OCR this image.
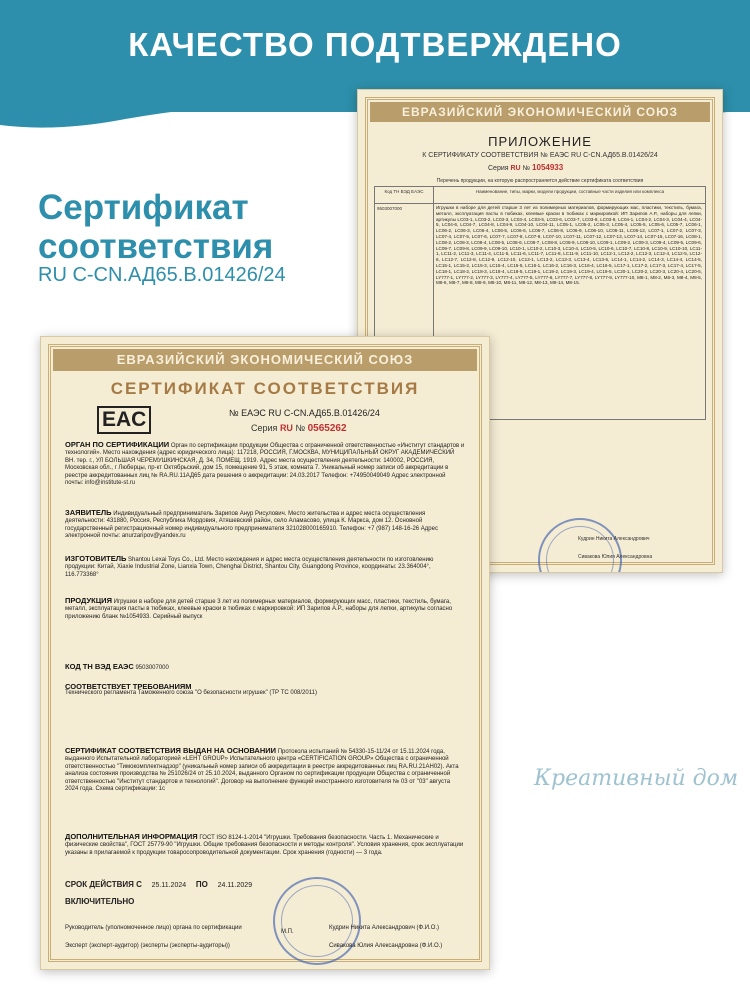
КАЧЕСТВО ПОДТВЕРЖДЕНО
Сертификат
соответствия
RU C-CN.АД65.В.01426/24
ЕВРАЗИЙСКИЙ ЭКОНОМИЧЕСКИЙ СОЮЗ
ПРИЛОЖЕНИЕ
К СЕРТИФИКАТУ СООТВЕТСТВИЯ № ЕАЭС RU C-CN.АД65.В.01426/24
Серия RU № 1054933
Перечень продукции, на которую распространяется действие сертификата соответствия
Код ТН ВЭД ЕАЭС	Наименование, типы, марки, модели продукции, составные части изделия или комплекса
9503007000	Игрушки в наборе для детей старше 3 лет из полимерных материалов, формирующих мас, пластики, текстиль, бумага, металл, эксплуатация пасты в тюбиках, клеевые краски в тюбиках с маркировкой: ИП Зарипов А.Р., наборы для лепки, артикулы LC03-1, LC03-2, LC03-3, LC03-4, LC03-5, LC03-6, LC03-7, LC03-8, LC03-9, LC04-1, LC04-2, LC04-3, LC04-4, LC04-5, LC04-6, LC04-7, LC04-8, LC04-9, LC04-10, LC04-11, LC05-1, LC05-2, LC05-3, LC05-4, LC05-5, LC05-6, LC05-7, LC06-1, LC06-2, LC06-3, LC06-4, LC06-5, LC06-6, LC06-7, LC06-8, LC06-9, LC06-10, LC06-11, LC06-12, LC07-1, LC07-2, LC07-3, LC07-4, LC07-5, LC07-6, LC07-7, LC07-8, LC07-9, LC07-10, LC07-11, LC07-12, LC07-13, LC07-14, LC07-15, LC07-16, LC08-1, LC08-2, LC08-3, LC08-4, LC08-5, LC08-6, LC08-7, LC08-8, LC08-9, LC08-10, LC09-1, LC09-2, LC09-3, LC09-4, LC09-5, LC09-6, LC09-7, LC09-8, LC09-9, LC09-10, LC10-1, LC10-2, LC10-3, LC10-4, LC10-5, LC10-6, LC10-7, LC10-8, LC10-9, LC10-10, LC11-1, LC11-2, LC11-3, LC11-4, LC11-5, LC11-6, LC11-7, LC11-8, LC11-9, LC11-10, LC12-1, LC12-2, LC12-3, LC12-4, LC12-5, LC12-6, LC12-7, LC12-8, LC12-9, LC12-10, LC13-1, LC13-2, LC13-3, LC13-4, LC13-5, LC14-1, LC14-2, LC14-3, LC14-4, LC14-5, LC15-1, LC15-2, LC15-3, LC15-4, LC15-5, LC16-1, LC16-2, LC16-3, LC16-4, LC16-5, LC17-1, LC17-2, LC17-3, LC17-4, LC17-5, LC18-1, LC18-2, LC18-3, LC18-4, LC18-5, LC19-1, LC19-2, LC19-3, LC19-4, LC19-5, LC20-1, LC20-2, LC20-3, LC20-4, LC20-5, LY777-1, LY777-2, LY777-3, LY777-4, LY777-5, LY777-6, LY777-7, LY777-8, LY777-9, LY777-10, M8-1, M8-2, M8-3, M8-4, M8-5, M8-6, M8-7, M8-8, M8-9, M8-10, M8-11, M8-12, M8-13, M8-14, M8-15.
Кудрин Никита Александрович
Сивакова Юлия Александровна
ЕВРАЗИЙСКИЙ ЭКОНОМИЧЕСКИЙ СОЮЗ
СЕРТИФИКАТ СООТВЕТСТВИЯ
EAC	№ ЕАЭС RU C-CN.АД65.В.01426/24
Серия RU № 0565262
ОРГАН ПО СЕРТИФИКАЦИИ Орган по сертификации продукции Общества с ограниченной ответственностью «Институт стандартов и технологий». Место нахождения (адрес юридического лица): 117218, РОССИЯ, Г.МОСКВА, МУНИЦИПАЛЬНЫЙ ОКРУГ АКАДЕМИЧЕСКИЙ ВН. тер. г., УЛ БОЛЬШАЯ ЧЕРЕМУШКИНСКАЯ, Д. 34, ПОМЕЩ. 1919. Адрес места осуществления деятельности: 140002, РОССИЯ, Московская обл., г Люберцы, пр-кт Октябрьский, дом 15, помещение 91, 5 этаж, комната 7. Уникальный номер записи об аккредитации в реестре аккредитованных лиц № RA.RU.11АД65 дата решения о аккредитации: 24.03.2017 Телефон: +74950049049 Адрес электронной почты: info@institute-st.ru
ЗАЯВИТЕЛЬ Индивидуальный предприниматель Зарипов Анур Рисулович. Место жительства и адрес места осуществления деятельности: 431880, Россия, Республика Мордовия, Атяшевский район, село Аламасово, улица К. Маркса, дом 12. Основной государственный регистрационный номер индивидуального предпринимателя 321028000165910. Телефон: +7 (987) 148-16-26 Адрес электронной почты: anurzaripov@yandex.ru
ИЗГОТОВИТЕЛЬ Shantou Lexai Toys Co., Ltd. Место нахождения и адрес места осуществления деятельности по изготовлению продукции: Китай, Xiaxie Industrial Zone, Lianxia Town, Chenghai District, Shantou City, Guangdong Province, координаты: 23.364004°, 116.773368°
ПРОДУКЦИЯ Игрушки в наборе для детей старше 3 лет из полимерных материалов, формирующих масс, пластики, текстиль, бумага, металл, эксплуатация пасты в тюбиках, клеевые краски в тюбиках с маркировкой: ИП Зарипов А.Р., наборы для лепки, артикулы согласно приложению бланк №1054933. Серийный выпуск
КОД ТН ВЭД ЕАЭС 9503007000
СООТВЕТСТВУЕТ ТРЕБОВАНИЯМ
Технического регламента Таможенного союза "О безопасности игрушек" (ТР ТС 008/2011)
СЕРТИФИКАТ СООТВЕТСТВИЯ ВЫДАН НА ОСНОВАНИИ Протокола испытаний № 54330-15-11/24 от 15.11.2024 года, выданного Испытательной лабораторией «LEHT GROUP» Испытательного центра «CERTIFICATION GROUP» Общества с ограниченной ответственностью "Тимокомплектнадзор" (уникальный номер записи об аккредитации в реестре аккредитованных лиц RA.RU.21АН02). Акта анализа состояния производства № 251026/24 от 25.10.2024, выданного Органом по сертификации продукции Общества с ограниченной ответственностью "Институт стандартов и технологий". Договор на выполнение функций иностранного изготовителя № 03 от "03" августа 2024 года. Схема сертификации: 1с
ДОПОЛНИТЕЛЬНАЯ ИНФОРМАЦИЯ ГОСТ ISO 8124-1-2014 "Игрушки. Требования безопасности. Часть 1. Механические и физические свойства", ГОСТ 25779-90 "Игрушки. Общие требования безопасности и методы контроля". Условия хранения, срок эксплуатации указаны в прилагаемой к продукции товаросопроводительной документации. Срок хранения (годности) — 3 года.
СРОК ДЕЙСТВИЯ С 25.11.2024 ПО 24.11.2029
ВКЛЮЧИТЕЛЬНО
Руководитель (уполномоченное лицо) органа по сертификации
Эксперт (эксперт-аудитор) (эксперты (эксперты-аудиторы))
М.П.
Кудрин Никита Александрович (Ф.И.О.)
Сивакова Юлия Александровна (Ф.И.О.)
Креативный дом
